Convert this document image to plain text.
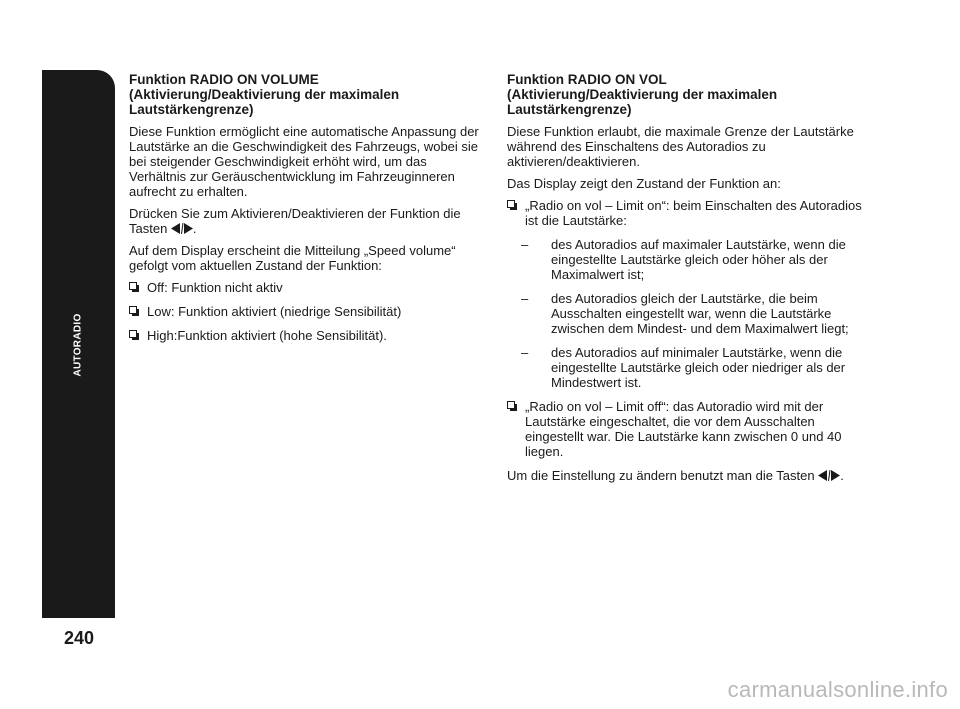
AUTORADIO
240
Funktion RADIO ON VOLUME
(Aktivierung/Deaktivierung der maximalen Lautstärkengrenze)
Diese Funktion ermöglicht eine automatische Anpassung der Lautstärke an die Geschwindigkeit des Fahrzeugs, wobei sie bei steigender Geschwindigkeit erhöht wird, um das Verhältnis zur Geräuschentwicklung im Fahrzeuginneren aufrecht zu erhalten.
Drücken Sie zum Aktivieren/Deaktivieren der Funktion die Tasten .
Auf dem Display erscheint die Mitteilung „Speed volume“ gefolgt vom aktuellen Zustand der Funktion:
Off: Funktion nicht aktiv
Low: Funktion aktiviert (niedrige Sensibilität)
High:Funktion aktiviert (hohe Sensibilität).
Funktion RADIO ON VOL
(Aktivierung/Deaktivierung der maximalen Lautstärkengrenze)
Diese Funktion erlaubt, die maximale Grenze der Lautstärke während des Einschaltens des Autoradios zu aktivieren/deaktivieren.
Das Display zeigt den Zustand der Funktion an:
„Radio on vol – Limit on“: beim Einschalten des Autoradios ist die Lautstärke:
– des Autoradios auf maximaler Lautstärke, wenn die eingestellte Lautstärke gleich oder höher als der Maximalwert ist;
– des Autoradios gleich der Lautstärke, die beim Ausschalten eingestellt war, wenn die Lautstärke zwischen dem Mindest- und dem Maximalwert liegt;
– des Autoradios auf minimaler Lautstärke, wenn die eingestellte Lautstärke gleich oder niedriger als der Mindestwert ist.
„Radio on vol – Limit off“: das Autoradio wird mit der Lautstärke eingeschaltet, die vor dem Ausschalten eingestellt war. Die Lautstärke kann zwischen 0 und 40 liegen.
Um die Einstellung zu ändern benutzt man die Tasten .
carmanualsonline.info
